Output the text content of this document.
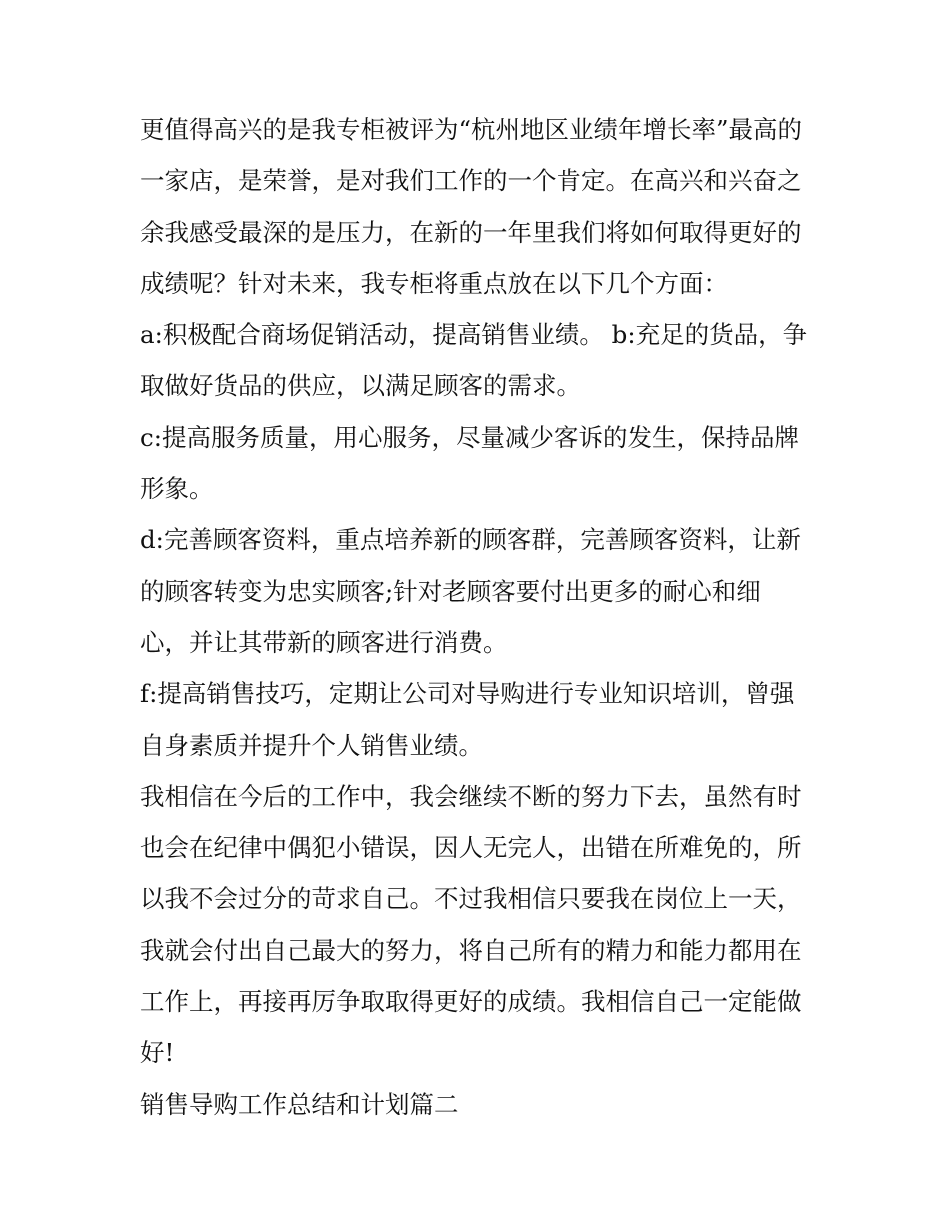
更值得高兴的是我专柜被评为“杭州地区业绩年增长率”最高的
一家店，是荣誉，是对我们工作的一个肯定。在高兴和兴奋之
余我感受最深的是压力，在新的一年里我们将如何取得更好的
成绩呢？针对未来，我专柜将重点放在以下几个方面：
a:积极配合商场促销活动，提高销售业绩。 b:充足的货品，争
取做好货品的供应，以满足顾客的需求。
c:提高服务质量，用心服务，尽量减少客诉的发生，保持品牌
形象。
d:完善顾客资料，重点培养新的顾客群，完善顾客资料，让新
的顾客转变为忠实顾客;针对老顾客要付出更多的耐心和细
心，并让其带新的顾客进行消费。
f:提高销售技巧，定期让公司对导购进行专业知识培训，曾强
自身素质并提升个人销售业绩。
我相信在今后的工作中，我会继续不断的努力下去，虽然有时
也会在纪律中偶犯小错误，因人无完人，出错在所难免的，所
以我不会过分的苛求自己。不过我相信只要我在岗位上一天，
我就会付出自己最大的努力，将自己所有的精力和能力都用在
工作上，再接再厉争取取得更好的成绩。我相信自己一定能做
好!
销售导购工作总结和计划篇二
